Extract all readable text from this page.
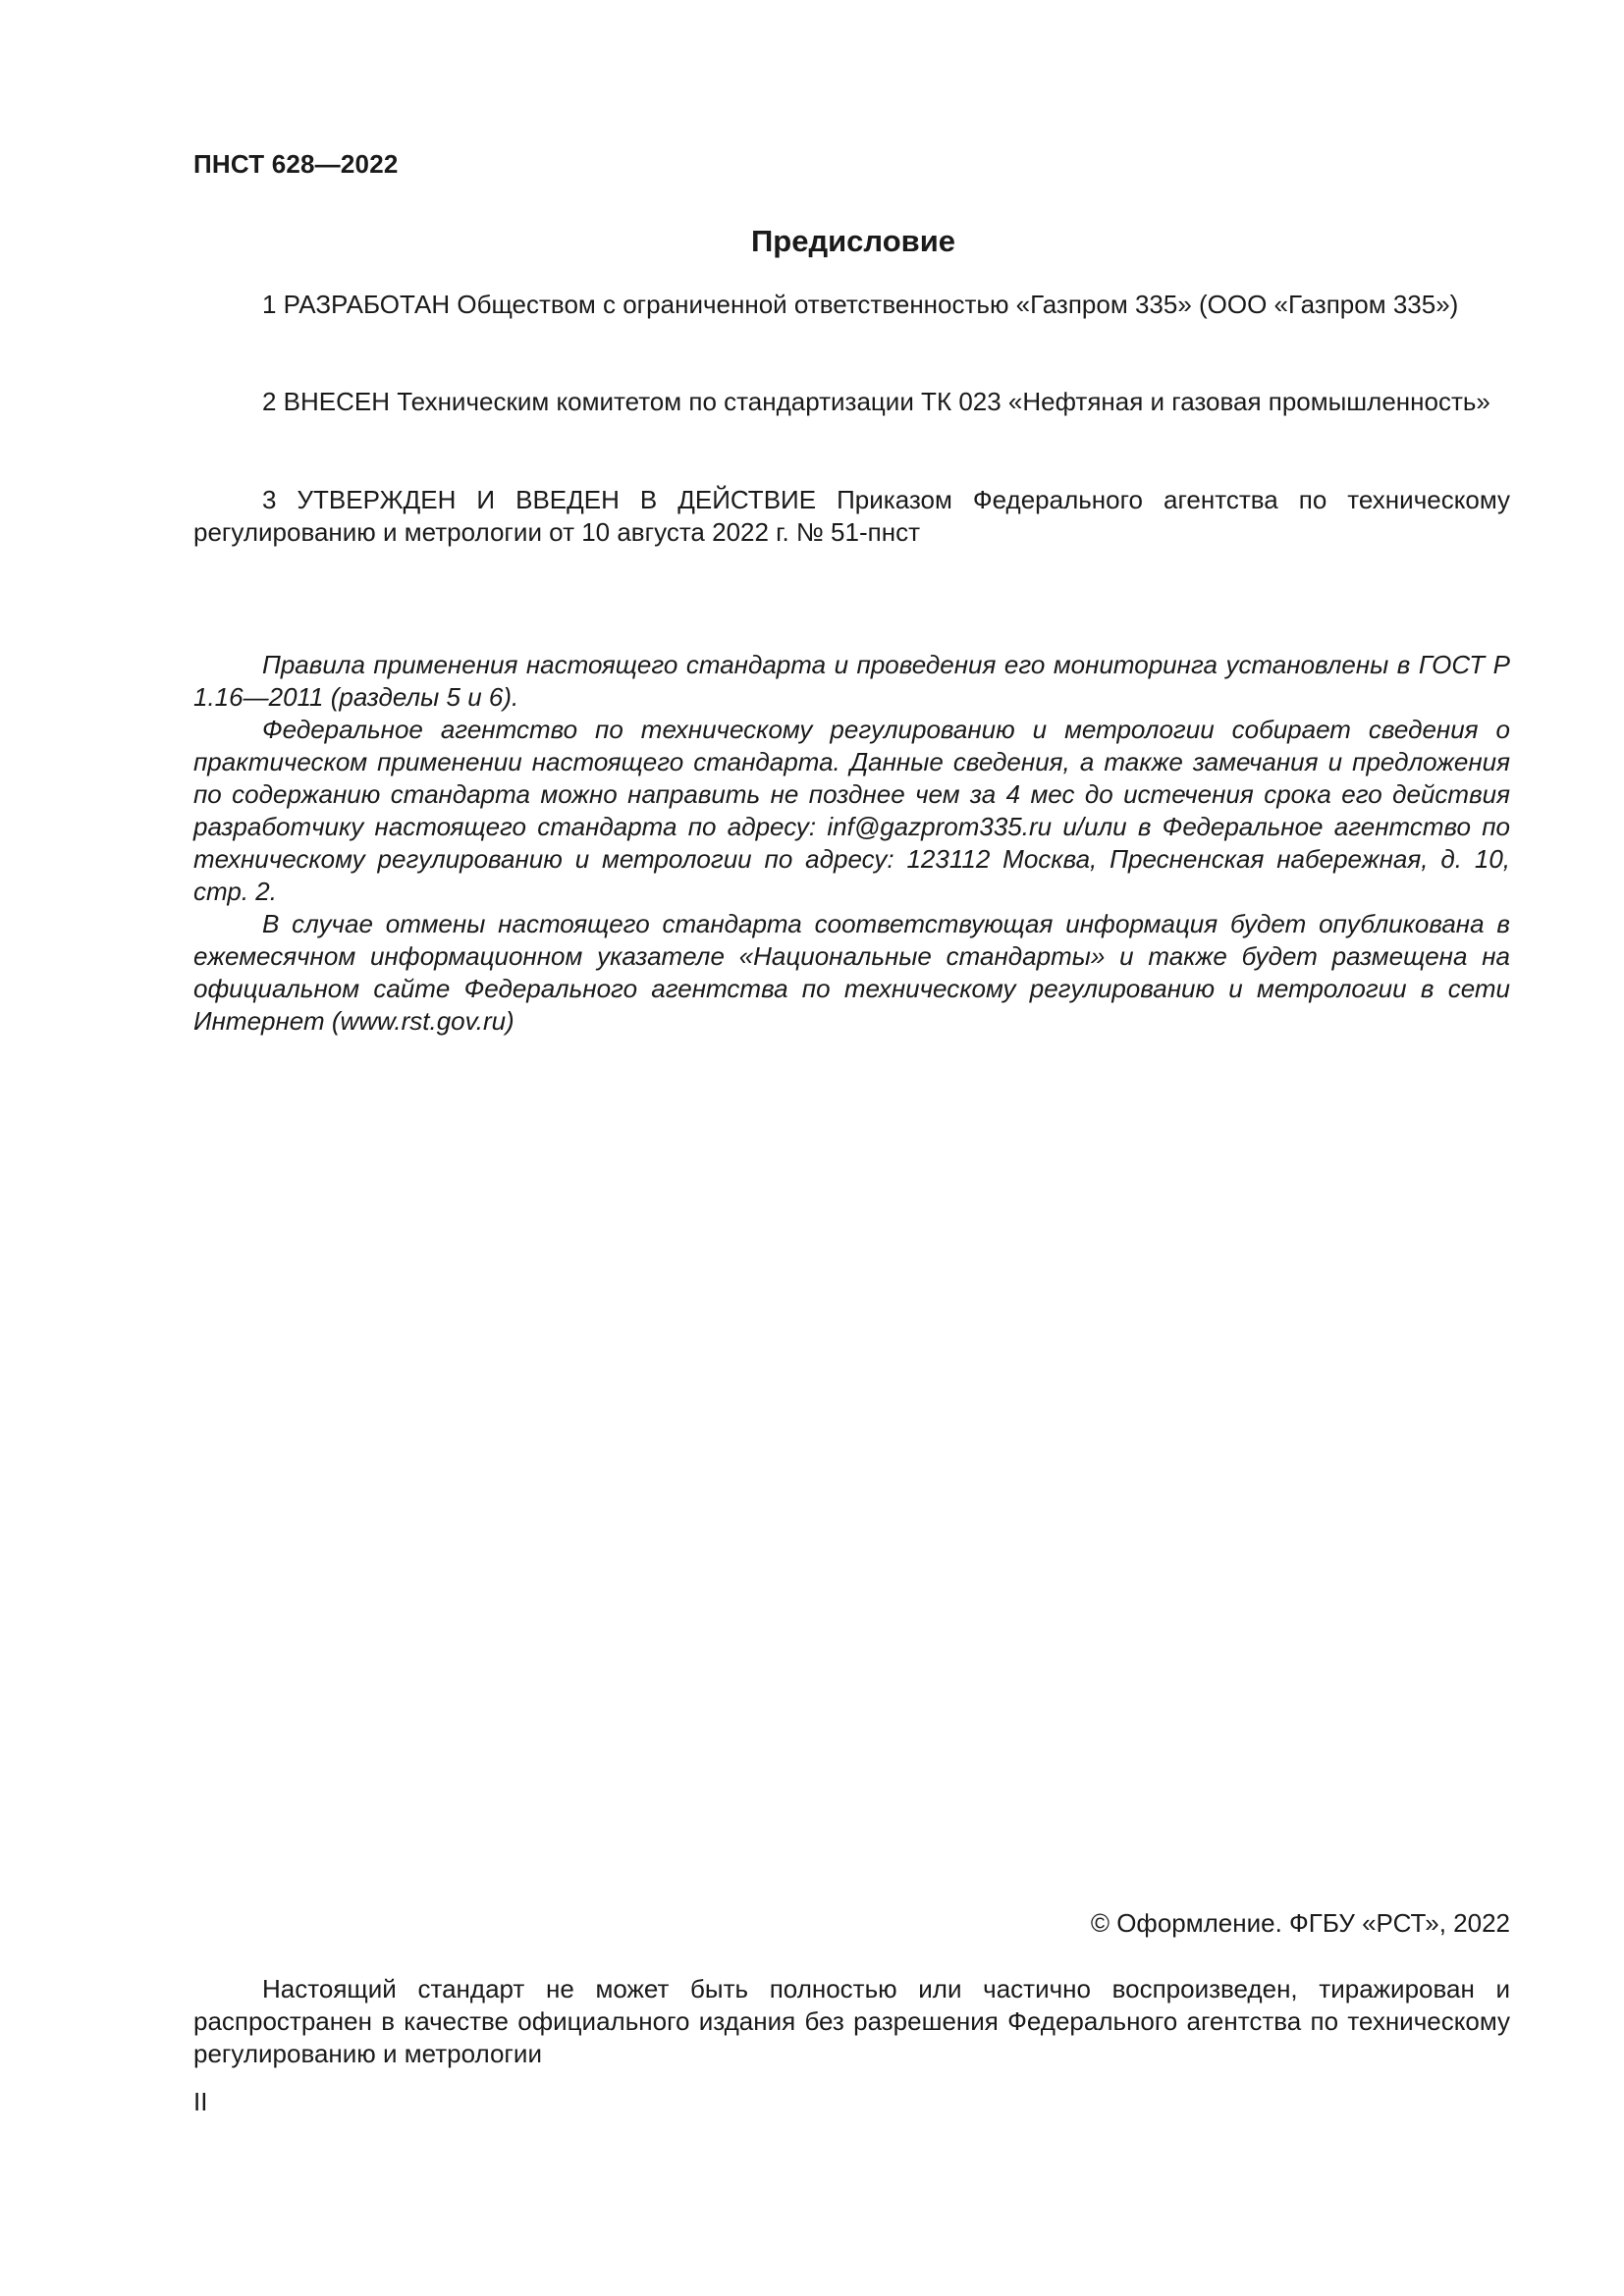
ПНСТ 628—2022
Предисловие

1 РАЗРАБОТАН Обществом с ограниченной ответственностью «Газпром 335» (ООО «Газпром 335»)

2 ВНЕСЕН Техническим комитетом по стандартизации ТК 023 «Нефтяная и газовая промышленность»

3 УТВЕРЖДЕН И ВВЕДЕН В ДЕЙСТВИЕ Приказом Федерального агентства по техническому регулированию и метрологии от 10 августа 2022 г. № 51-пнст

Правила применения настоящего стандарта и проведения его мониторинга установлены в ГОСТ Р 1.16—2011 (разделы 5 и 6).

Федеральное агентство по техническому регулированию и метрологии собирает сведения о практическом применении настоящего стандарта. Данные сведения, а также замечания и предложения по содержанию стандарта можно направить не позднее чем за 4 мес до истечения срока его действия разработчику настоящего стандарта по адресу: inf@gazprom335.ru и/или в Федеральное агентство по техническому регулированию и метрологии по адресу: 123112 Москва, Пресненская набережная, д. 10, стр. 2.

В случае отмены настоящего стандарта соответствующая информация будет опубликована в ежемесячном информационном указателе «Национальные стандарты» и также будет размещена на официальном сайте Федерального агентства по техническому регулированию и метрологии в сети Интернет (www.rst.gov.ru)

© Оформление. ФГБУ «РСТ», 2022

Настоящий стандарт не может быть полностью или частично воспроизведен, тиражирован и распространен в качестве официального издания без разрешения Федерального агентства по техническому регулированию и метрологии

II
